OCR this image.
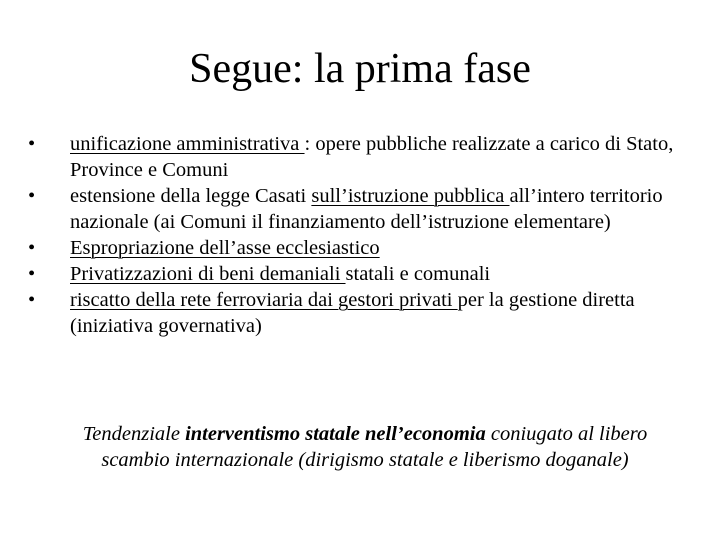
Segue: la prima fase
•	unificazione amministrativa : opere pubbliche realizzate a carico di Stato, Province e Comuni
•	estensione della legge Casati sull’istruzione pubblica all’intero territorio nazionale (ai Comuni il finanziamento dell’istruzione elementare)
•	Espropriazione dell’asse ecclesiastico
•	Privatizzazioni di beni demaniali statali e comunali
•	riscatto della rete ferroviaria dai gestori privati per la gestione diretta (iniziativa governativa)

Tendenziale interventismo statale nell’economia coniugato al libero scambio internazionale (dirigismo statale e liberismo doganale)
